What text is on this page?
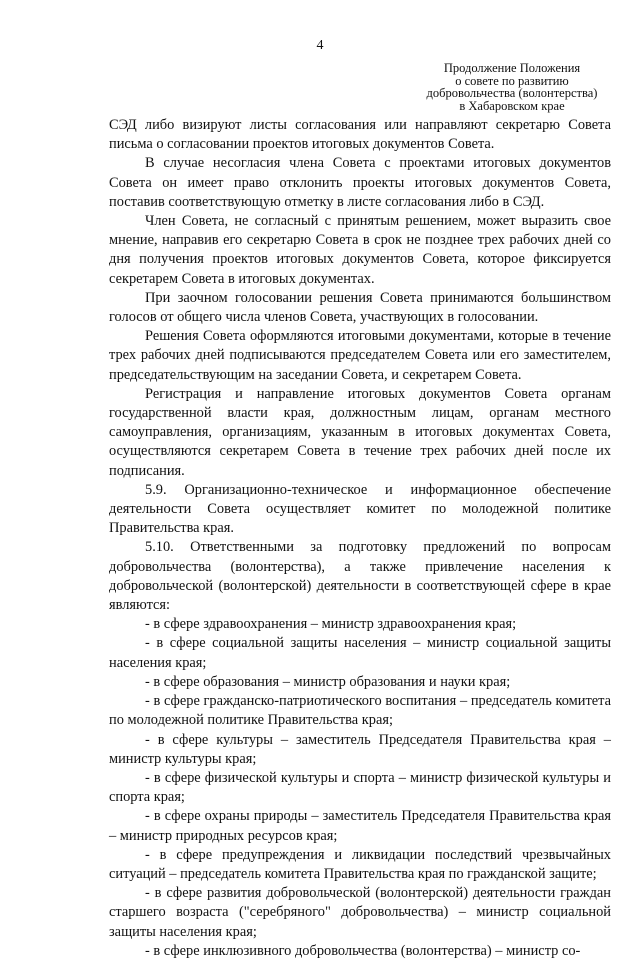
4
Продолжение Положения
о совете по развитию
добровольчества (волонтерства)
в Хабаровском крае

СЭД либо визируют листы согласования или направляют секретарю Совета письма о согласовании проектов итоговых документов Совета.

В случае несогласия члена Совета с проектами итоговых документов Совета он имеет право отклонить проекты итоговых документов Совета, поставив соответствующую отметку в листе согласования либо в СЭД.

Член Совета, не согласный с принятым решением, может выразить свое мнение, направив его секретарю Совета в срок не позднее трех рабочих дней со дня получения проектов итоговых документов Совета, которое фиксируется секретарем Совета в итоговых документах.

При заочном голосовании решения Совета принимаются большинством голосов от общего числа членов Совета, участвующих в голосовании.

Решения Совета оформляются итоговыми документами, которые в течение трех рабочих дней подписываются председателем Совета или его заместителем, председательствующим на заседании Совета, и секретарем Совета.

Регистрация и направление итоговых документов Совета органам государственной власти края, должностным лицам, органам местного самоуправления, организациям, указанным в итоговых документах Совета, осуществляются секретарем Совета в течение трех рабочих дней после их подписания.

5.9. Организационно-техническое и информационное обеспечение деятельности Совета осуществляет комитет по молодежной политике Правительства края.

5.10. Ответственными за подготовку предложений по вопросам добровольчества (волонтерства), а также привлечение населения к добровольческой (волонтерской) деятельности в соответствующей сфере в крае являются:

- в сфере здравоохранения – министр здравоохранения края;

- в сфере социальной защиты населения – министр социальной защиты населения края;

- в сфере образования – министр образования и науки края;

- в сфере гражданско-патриотического воспитания – председатель комитета по молодежной политике Правительства края;

- в сфере культуры – заместитель Председателя Правительства края – министр культуры края;

- в сфере физической культуры и спорта – министр физической культуры и спорта края;

- в сфере охраны природы – заместитель Председателя Правительства края – министр природных ресурсов края;

- в сфере предупреждения и ликвидации последствий чрезвычайных ситуаций – председатель комитета Правительства края по гражданской защите;

- в сфере развития добровольческой (волонтерской) деятельности граждан старшего возраста ("серебряного" добровольчества) – министр социальной защиты населения края;

- в сфере инклюзивного добровольчества (волонтерства) – министр со-
